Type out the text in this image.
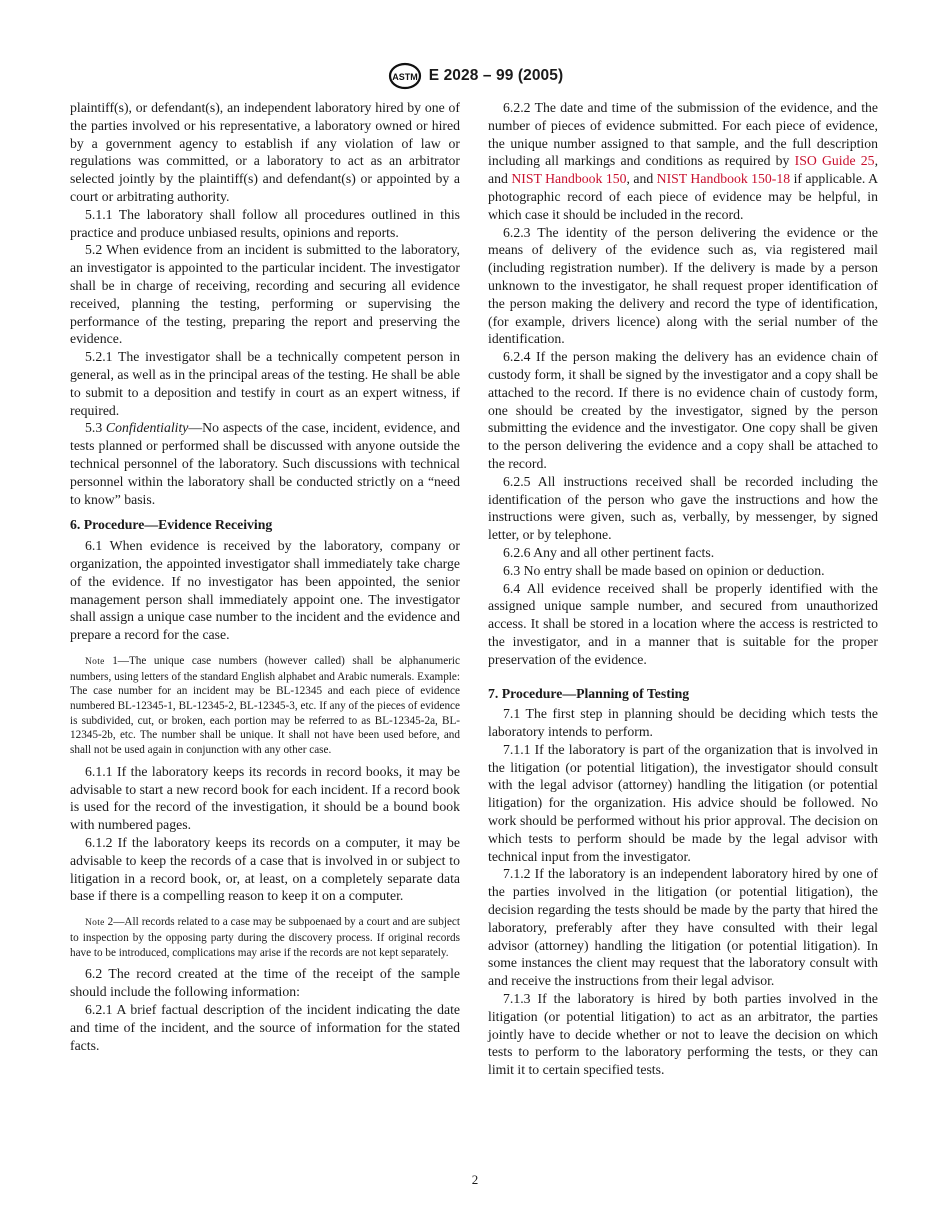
ASTM E 2028 – 99 (2005)

plaintiff(s), or defendant(s), an independent laboratory hired by one of the parties involved or his representative, a laboratory owned or hired by a government agency to establish if any violation of law or regulations was committed, or a laboratory to act as an arbitrator selected jointly by the plaintiff(s) and defendant(s) or appointed by a court or arbitrating authority.

5.1.1 The laboratory shall follow all procedures outlined in this practice and produce unbiased results, opinions and reports.

5.2 When evidence from an incident is submitted to the laboratory, an investigator is appointed to the particular incident. The investigator shall be in charge of receiving, recording and securing all evidence received, planning the testing, performing or supervising the performance of the testing, preparing the report and preserving the evidence.

5.2.1 The investigator shall be a technically competent person in general, as well as in the principal areas of the testing. He shall be able to submit to a deposition and testify in court as an expert witness, if required.

5.3 Confidentiality—No aspects of the case, incident, evidence, and tests planned or performed shall be discussed with anyone outside the technical personnel of the laboratory. Such discussions with technical personnel within the laboratory shall be conducted strictly on a “need to know” basis.

6. Procedure—Evidence Receiving

6.1 When evidence is received by the laboratory, company or organization, the appointed investigator shall immediately take charge of the evidence. If no investigator has been appointed, the senior management person shall immediately appoint one. The investigator shall assign a unique case number to the incident and the evidence and prepare a record for the case.

Note 1—The unique case numbers (however called) shall be alphanumeric numbers, using letters of the standard English alphabet and Arabic numerals. Example: The case number for an incident may be BL-12345 and each piece of evidence numbered BL-12345-1, BL-12345-2, BL-12345-3, etc. If any of the pieces of evidence is subdivided, cut, or broken, each portion may be referred to as BL-12345-2a, BL-12345-2b, etc. The number shall be unique. It shall not have been used before, and shall not be used again in conjunction with any other case.

6.1.1 If the laboratory keeps its records in record books, it may be advisable to start a new record book for each incident. If a record book is used for the record of the investigation, it should be a bound book with numbered pages.

6.1.2 If the laboratory keeps its records on a computer, it may be advisable to keep the records of a case that is involved in or subject to litigation in a record book, or, at least, on a completely separate data base if there is a compelling reason to keep it on a computer.

Note 2—All records related to a case may be subpoenaed by a court and are subject to inspection by the opposing party during the discovery process. If original records have to be introduced, complications may arise if the records are not kept separately.

6.2 The record created at the time of the receipt of the sample should include the following information:

6.2.1 A brief factual description of the incident indicating the date and time of the incident, and the source of information for the stated facts.

6.2.2 The date and time of the submission of the evidence, and the number of pieces of evidence submitted. For each piece of evidence, the unique number assigned to that sample, and the full description including all markings and conditions as required by ISO Guide 25, and NIST Handbook 150, and NIST Handbook 150-18 if applicable. A photographic record of each piece of evidence may be helpful, in which case it should be included in the record.

6.2.3 The identity of the person delivering the evidence or the means of delivery of the evidence such as, via registered mail (including registration number). If the delivery is made by a person unknown to the investigator, he shall request proper identification of the person making the delivery and record the type of identification, (for example, drivers licence) along with the serial number of the identification.

6.2.4 If the person making the delivery has an evidence chain of custody form, it shall be signed by the investigator and a copy shall be attached to the record. If there is no evidence chain of custody form, one should be created by the investigator, signed by the person submitting the evidence and the investigator. One copy shall be given to the person delivering the evidence and a copy shall be attached to the record.

6.2.5 All instructions received shall be recorded including the identification of the person who gave the instructions and how the instructions were given, such as, verbally, by messenger, by signed letter, or by telephone.

6.2.6 Any and all other pertinent facts.

6.3 No entry shall be made based on opinion or deduction.

6.4 All evidence received shall be properly identified with the assigned unique sample number, and secured from unauthorized access. It shall be stored in a location where the access is restricted to the investigator, and in a manner that is suitable for the proper preservation of the evidence.

7. Procedure—Planning of Testing

7.1 The first step in planning should be deciding which tests the laboratory intends to perform.

7.1.1 If the laboratory is part of the organization that is involved in the litigation (or potential litigation), the investigator should consult with the legal advisor (attorney) handling the litigation (or potential litigation) for the organization. His advice should be followed. No work should be performed without his prior approval. The decision on which tests to perform should be made by the legal advisor with technical input from the investigator.

7.1.2 If the laboratory is an independent laboratory hired by one of the parties involved in the litigation (or potential litigation), the decision regarding the tests should be made by the party that hired the laboratory, preferably after they have consulted with their legal advisor (attorney) handling the litigation (or potential litigation). In some instances the client may request that the laboratory consult with and receive the instructions from their legal advisor.

7.1.3 If the laboratory is hired by both parties involved in the litigation (or potential litigation) to act as an arbitrator, the parties jointly have to decide whether or not to leave the decision on which tests to perform to the laboratory performing the tests, or they can limit it to certain specified tests.

2
